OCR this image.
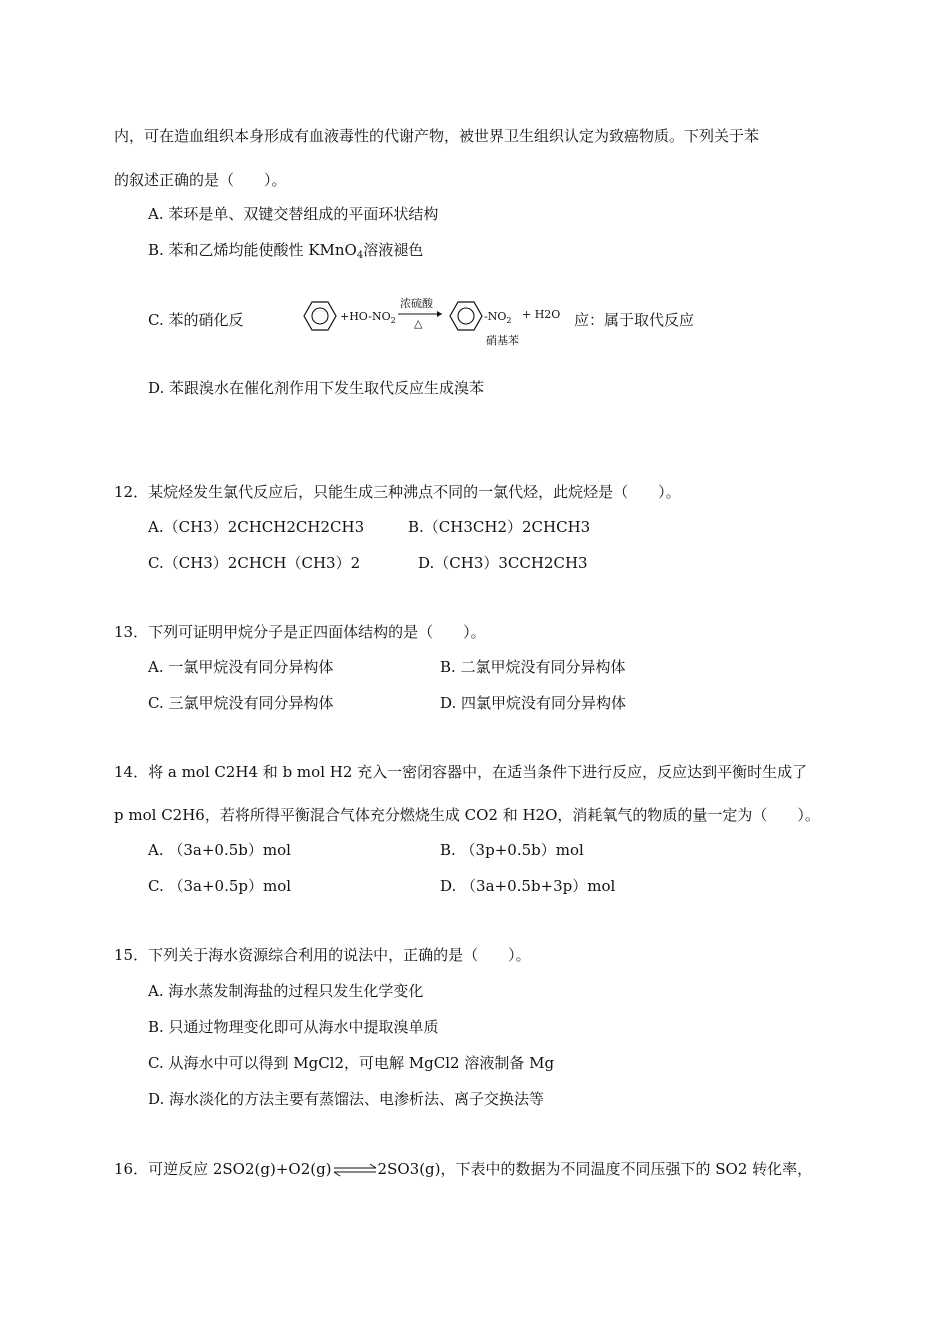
内，可在造血组织本身形成有血液毒性的代谢产物，被世界卫生组织认定为致癌物质。下列关于苯
的叙述正确的是（　　）。
A. 苯环是单、双键交替组成的平面环状结构
B. 苯和乙烯均能使酸性 KMnO$_4$溶液褪色
C. 苯的硝化反	$+HO-NO_2$
浓硫酸
△
$-NO_2 + H2O$
硝基苯
应：属于取代反应
D. 苯跟溴水在催化剂作用下发生取代反应生成溴苯
12．某烷烃发生氯代反应后，只能生成三种沸点不同的一氯代烃，此烷烃是（　　）。
A.（CH3）2CHCH2CH2CH3	B.（CH3CH2）2CHCH3
C.（CH3）2CHCH（CH3）2	D.（CH3）3CCH2CH3
13．下列可证明甲烷分子是正四面体结构的是（　　）。
A. 一氯甲烷没有同分异构体	B. 二氯甲烷没有同分异构体
C. 三氯甲烷没有同分异构体	D. 四氯甲烷没有同分异构体
14．将 a mol C2H4 和 b mol H2 充入一密闭容器中，在适当条件下进行反应，反应达到平衡时生成了
p mol C2H6，若将所得平衡混合气体充分燃烧生成 CO2 和 H2O，消耗氧气的物质的量一定为（　　）。
A. （3a+0.5b）mol	B. （3p+0.5b）mol
C. （3a+0.5p）mol	D. （3a+0.5b+3p）mol
15．下列关于海水资源综合利用的说法中，正确的是（　　）。
A. 海水蒸发制海盐的过程只发生化学变化
B. 只通过物理变化即可从海水中提取溴单质
C. 从海水中可以得到 MgCl2，可电解 MgCl2 溶液制备 Mg
D. 海水淡化的方法主要有蒸馏法、电渗析法、离子交换法等
16．可逆反应 2SO2(g)+O2(g)⇌2SO3(g)，下表中的数据为不同温度不同压强下的 SO2 转化率，
